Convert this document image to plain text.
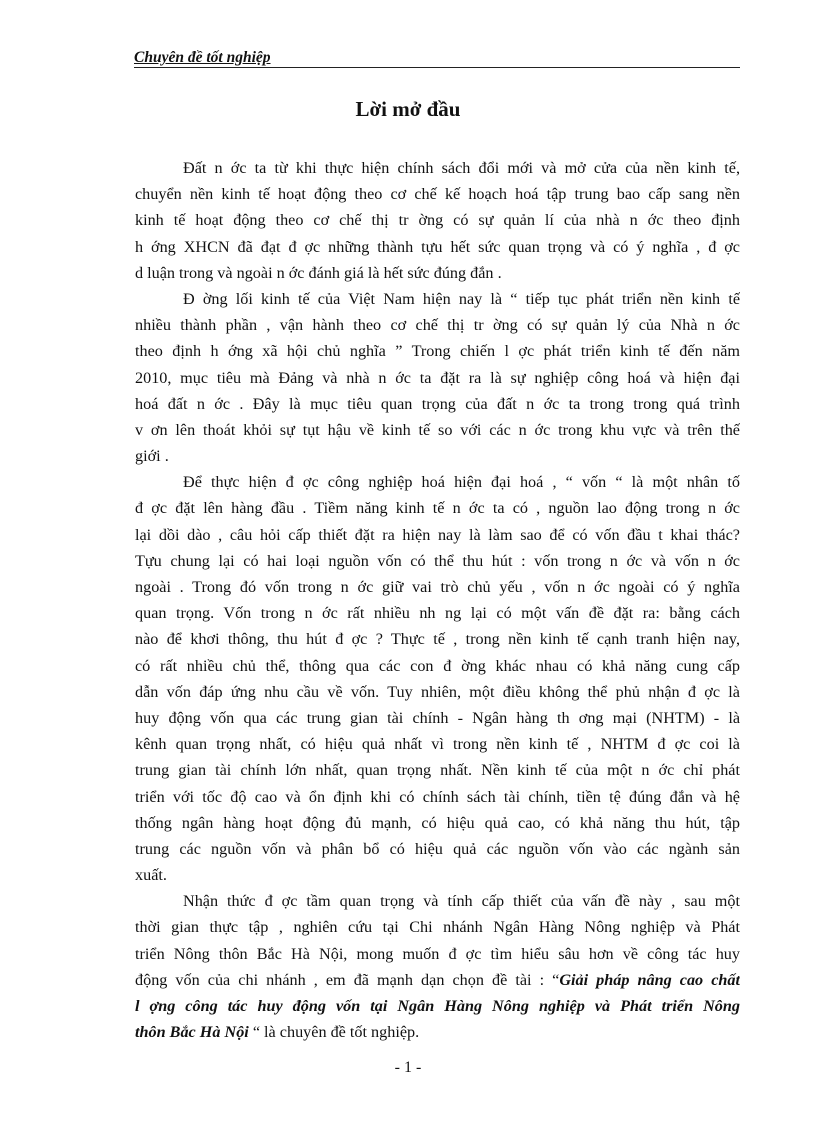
Chuyên đề tốt nghiệp
Lời mở đầu
Đất n ớc ta từ khi thực hiện chính sách đổi mới và mở cửa của nền kinh tế,
chuyển nền kinh tế hoạt động theo cơ chế kế hoạch hoá tập trung bao cấp sang nền
kinh tế hoạt động theo cơ chế thị tr ờng có sự quản lí của nhà n ớc theo định
h ớng XHCN đã đạt đ ợc những thành tựu hết sức quan trọng và có ý nghĩa , đ ợc
d luận trong và ngoài n ớc đánh giá là hết sức đúng đắn .
Đ ờng lối kinh tế của Việt Nam hiện nay là “ tiếp tục phát triển nền kinh tế
nhiều thành phần , vận hành theo cơ chế thị tr ờng có sự quản lý của Nhà n ớc
theo định h ớng xã hội chủ nghĩa ” Trong chiến l ợc phát triển kinh tế đến năm
2010, mục tiêu mà Đảng và nhà n ớc ta đặt ra là sự nghiệp công hoá và hiện đại
hoá đất n ớc . Đây là mục tiêu quan trọng của đất n ớc ta trong trong quá trình
v ơn lên thoát khỏi sự tụt hậu về kinh tế so với các n ớc trong khu vực và trên thế
giới .
Để thực hiện đ ợc công nghiệp hoá hiện đại hoá , “ vốn “ là một nhân tố
đ ợc đặt lên hàng đầu . Tiềm năng kinh tế n ớc ta có , nguồn lao động trong n ớc
lại dồi dào , câu hỏi cấp thiết đặt ra hiện nay là làm sao để có vốn đầu t khai thác?
Tựu chung lại có hai loại nguồn vốn có thể thu hút : vốn trong n ớc và vốn n ớc
ngoài . Trong đó vốn trong n ớc giữ vai trò chủ yếu , vốn n ớc ngoài có ý nghĩa
quan trọng. Vốn trong n ớc rất nhiều nh ng lại có một vấn đề đặt ra: bằng cách
nào để khơi thông, thu hút đ ợc ? Thực tế , trong nền kinh tế cạnh tranh hiện nay,
có rất nhiều chủ thể, thông qua các con đ ờng khác nhau có khả năng cung cấp
dẫn vốn đáp ứng nhu cầu về vốn. Tuy nhiên, một điều không thể phủ nhận đ ợc là
huy động vốn qua các trung gian tài chính - Ngân hàng th ơng mại (NHTM) - là
kênh quan trọng nhất, có hiệu quả nhất vì trong nền kinh tế , NHTM đ ợc coi là
trung gian tài chính lớn nhất, quan trọng nhất. Nền kinh tế của một n ớc chỉ phát
triển với tốc độ cao và ổn định khi có chính sách tài chính, tiền tệ đúng đắn và hệ
thống ngân hàng hoạt động đủ mạnh, có hiệu quả cao, có khả năng thu hút, tập
trung các nguồn vốn và phân bổ có hiệu quả các nguồn vốn vào các ngành sản
xuất.
Nhận thức đ ợc tầm quan trọng và tính cấp thiết của vấn đề này , sau một
thời gian thực tập , nghiên cứu tại Chi nhánh Ngân Hàng Nông nghiệp và Phát
triển Nông thôn Bắc Hà Nội, mong muốn đ ợc tìm hiểu sâu hơn về công tác huy
động vốn của chi nhánh , em đã mạnh dạn chọn đề tài : “Giải pháp nâng cao chất
l ợng công tác huy động vốn tại Ngân Hàng Nông nghiệp và Phát triển Nông
thôn Bắc Hà Nội “ là chuyên đề tốt nghiệp.
- 1 -
